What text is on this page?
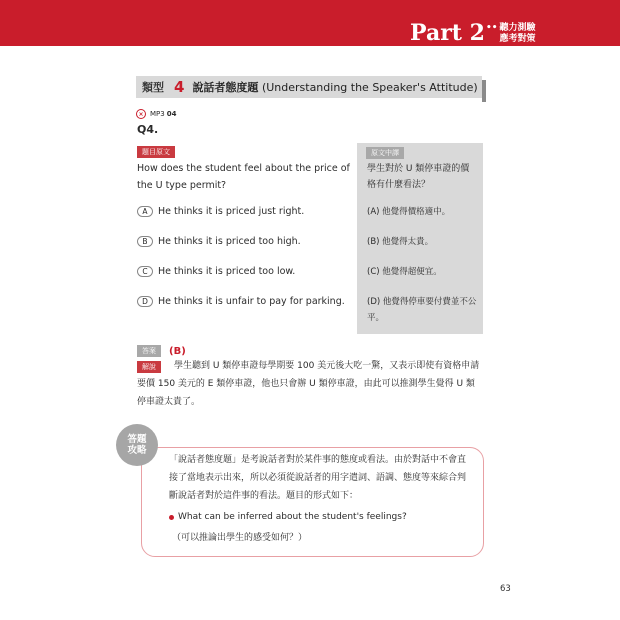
Part 2 •• 聽力測驗
應考對策
類型 4 說話者態度題 (Understanding the Speaker's Attitude)
× MP3 04
Q4.
題目原文
How does the student feel about the price of the U type permit?
A	He thinks it is priced just right.
B	He thinks it is priced too high.
C	He thinks it is priced too low.
D	He thinks it is unfair to pay for parking.
原文中譯
學生對於 U 類停車證的價格有什麼看法？
(A) 他覺得價格適中。
(B) 他覺得太貴。
(C) 他覺得超便宜。
(D) 他覺得停車要付費並不公平。
答案	(B)
學生聽到 U 類停車證每學期要 100 美元後大吃一驚，又表示即使有資格申請要價 150 美元的 E 類停車證，他也只會辦 U 類停車證，由此可以推測學生覺得 U 類停車證太貴了。
解說
答題
攻略
「說話者態度題」是考說話者對於某件事的態度或看法。由於對話中不會直接了當地表示出來，所以必須從說話者的用字遣詞、語調、態度等來綜合判斷說話者對於這件事的看法。題目的形式如下：
What can be inferred about the student's feelings?
（可以推論出學生的感受如何？）
63
